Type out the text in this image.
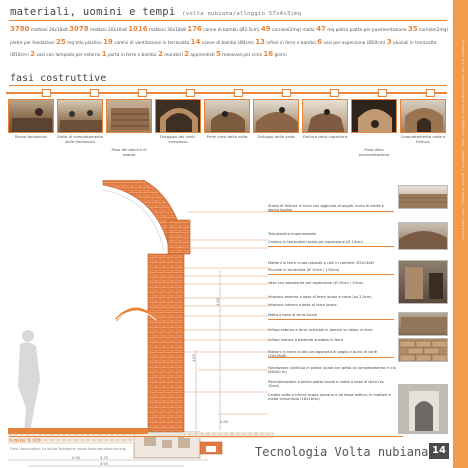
materiali, uomini e tempi (volta nubiana/alloggio 57x4x3)mq
3780 mattoni 26x18x8 3078 mattoni 20x10x8 1016 mattoni 30x18x8 176 canne di bambù (Ø2.5cm) 49 carriole(2mq) malta 47 mq pietra piatta per pavimentazione 35 carriole(2mq) pietre per fondazioni 25 mq telo plastico 19 camini di ventilazione in terracotta 14 canne di bambù (Ø4cm) 13 infissi in ferro e bambù 6 vasi per aspersione (Ø20cm) 3 pluviali in terracotta (Ø10cm) 2 vasi con lampada per esterno 1 porta in ferro e bambù 2 muratori 2 apprendisti 5 manovali per circa 16 giorni	Progetto per un centro comunitario in Burkina Faso - materiali, uomini e tempi - fasi costruttive
fasi costruttive
Scavo fondazioni	Getto di completamento delle fondazioni
Posa dei blocchi di sodoto
Fissaggio del centi-compasso
Primi corsi della volta	Sviluppo della volta	Finitura della copertura
Posa della pavimentazione
Completamento volta e finitura
1.80
1.40
0.80
3.95
3.70
0.30
Strato di finitura in terra con aggiunta di paglia, burro di karitè e
Telo plastico impermeabile
Camino in terracotta forato per aspersione (Ø 15cm)
Mattoni in terra cruda prodotti a colli in cantiere (25x13x8)
Pluviale in terracotta (Ø 10cm / 110cm)
Vaso con sassolante per aspersione (Ø 20cm / 10cm)
Intonaco esterno a base di terra locale e calce (sp 2,0cm)
Intonaco interno a base di terra locale
Malta a base di terra locale
Infisso esterno a ferro verticale in bambù su telaio in ferro
Infisso interno a battente snodato in ferro
Mattoni in terra cruda con aggiunta di paglia e burro di cariè
Fondazione continua in pietra locale con getto di completamento in cls (80x40 m)
Pavimentazione a pietra piatta locale e malta a base di terra (sp 10cm)
Canale sotto a trincia acqua piovana e da fossa settica, in mattoni e malta cementizia (18x18cm)
scala 1:20
Foto: Association La Voûte Nubienne (www.lavoutenubienne.org)	Tecnologia Volta nubiana 14
